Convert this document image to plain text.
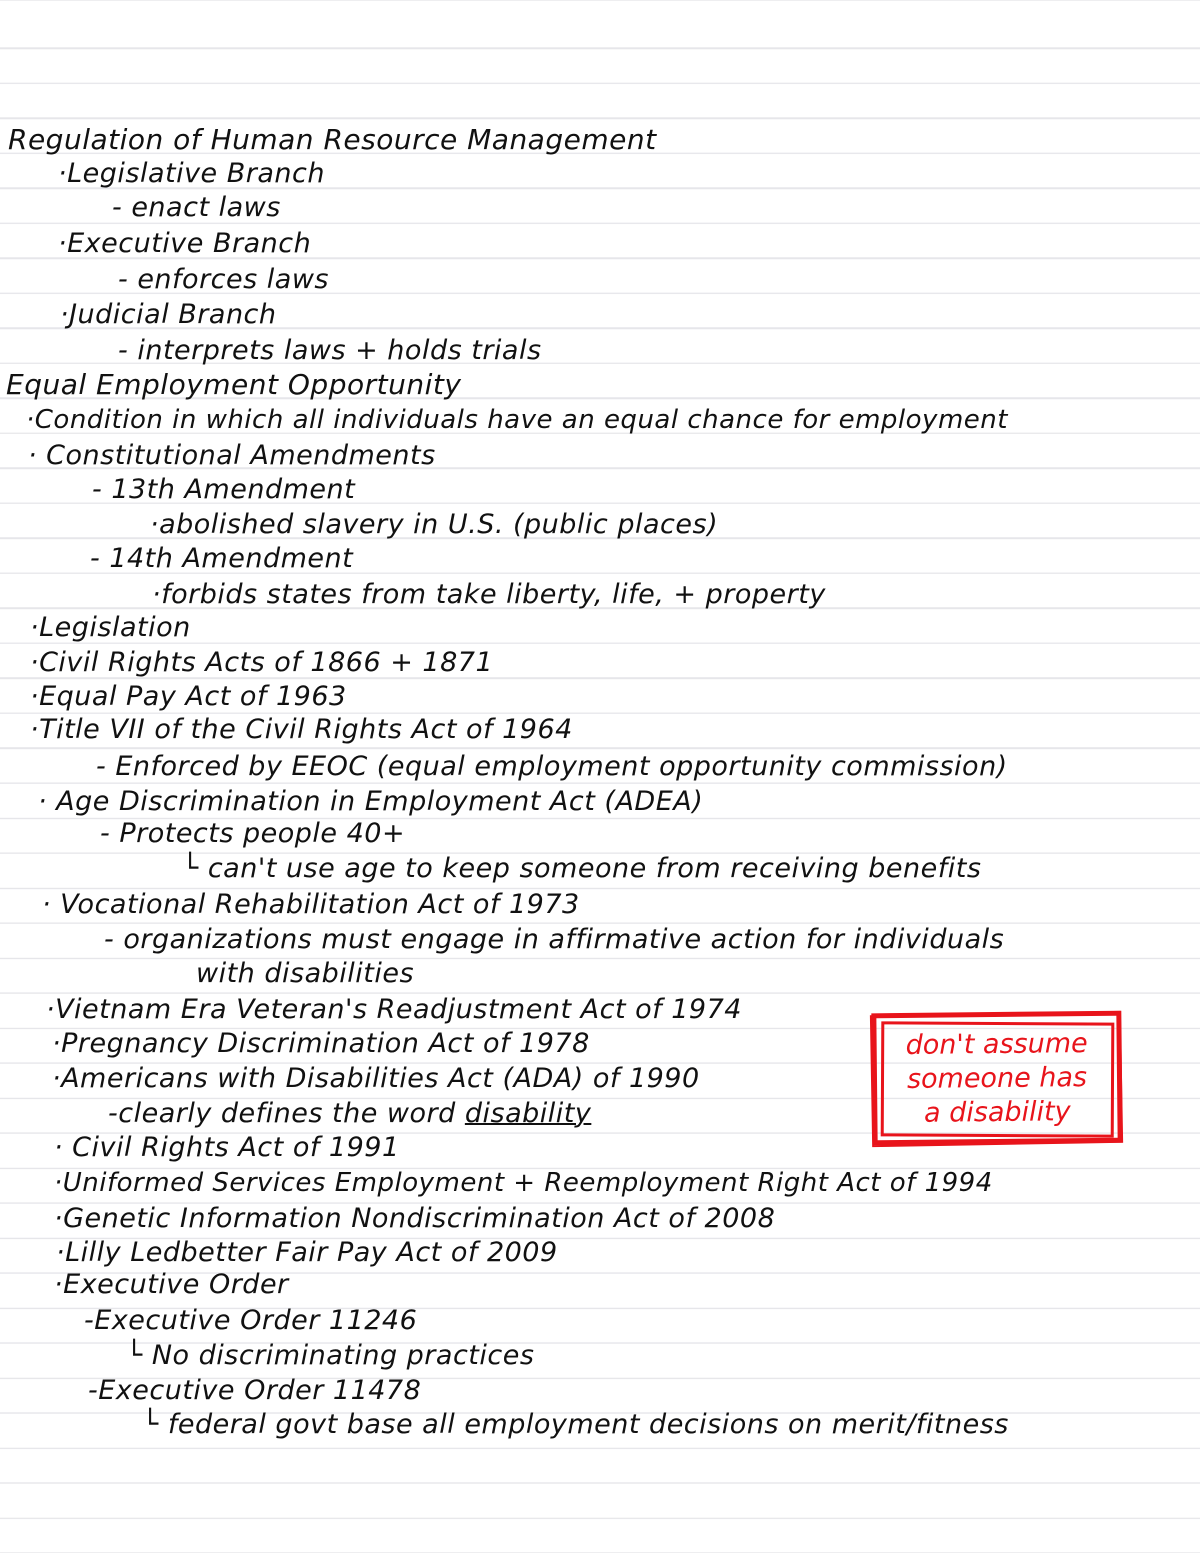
Regulation of Human Resource Management
·Legislative Branch
- enact laws
·Executive Branch
- enforces laws
·Judicial Branch
- interprets laws + holds trials
Equal Employment Opportunity
·Condition in which all individuals have an equal chance for employment
· Constitutional Amendments
- 13th Amendment
·abolished slavery in U.S. (public places)
- 14th Amendment
·forbids states from take liberty, life, + property
·Legislation
·Civil Rights Acts of 1866 + 1871
·Equal Pay Act of 1963
·Title VII of the Civil Rights Act of 1964
- Enforced by EEOC (equal employment opportunity commission)
· Age Discrimination in Employment Act (ADEA)
- Protects people 40+
└ can't use age to keep someone from receiving benefits
· Vocational Rehabilitation Act of 1973
- organizations must engage in affirmative action for individuals
with disabilities
·Vietnam Era Veteran's Readjustment Act of 1974
·Pregnancy Discrimination Act of 1978
·Americans with Disabilities Act (ADA) of 1990
-clearly defines the word disability
· Civil Rights Act of 1991
·Uniformed Services Employment + Reemployment Right Act of 1994
·Genetic Information Nondiscrimination Act of 2008
·Lilly Ledbetter Fair Pay Act of 2009
·Executive Order
-Executive Order 11246
└ No discriminating practices
-Executive Order 11478
└ federal govt base all employment decisions on merit/fitness
don't assume
someone has
a disability
